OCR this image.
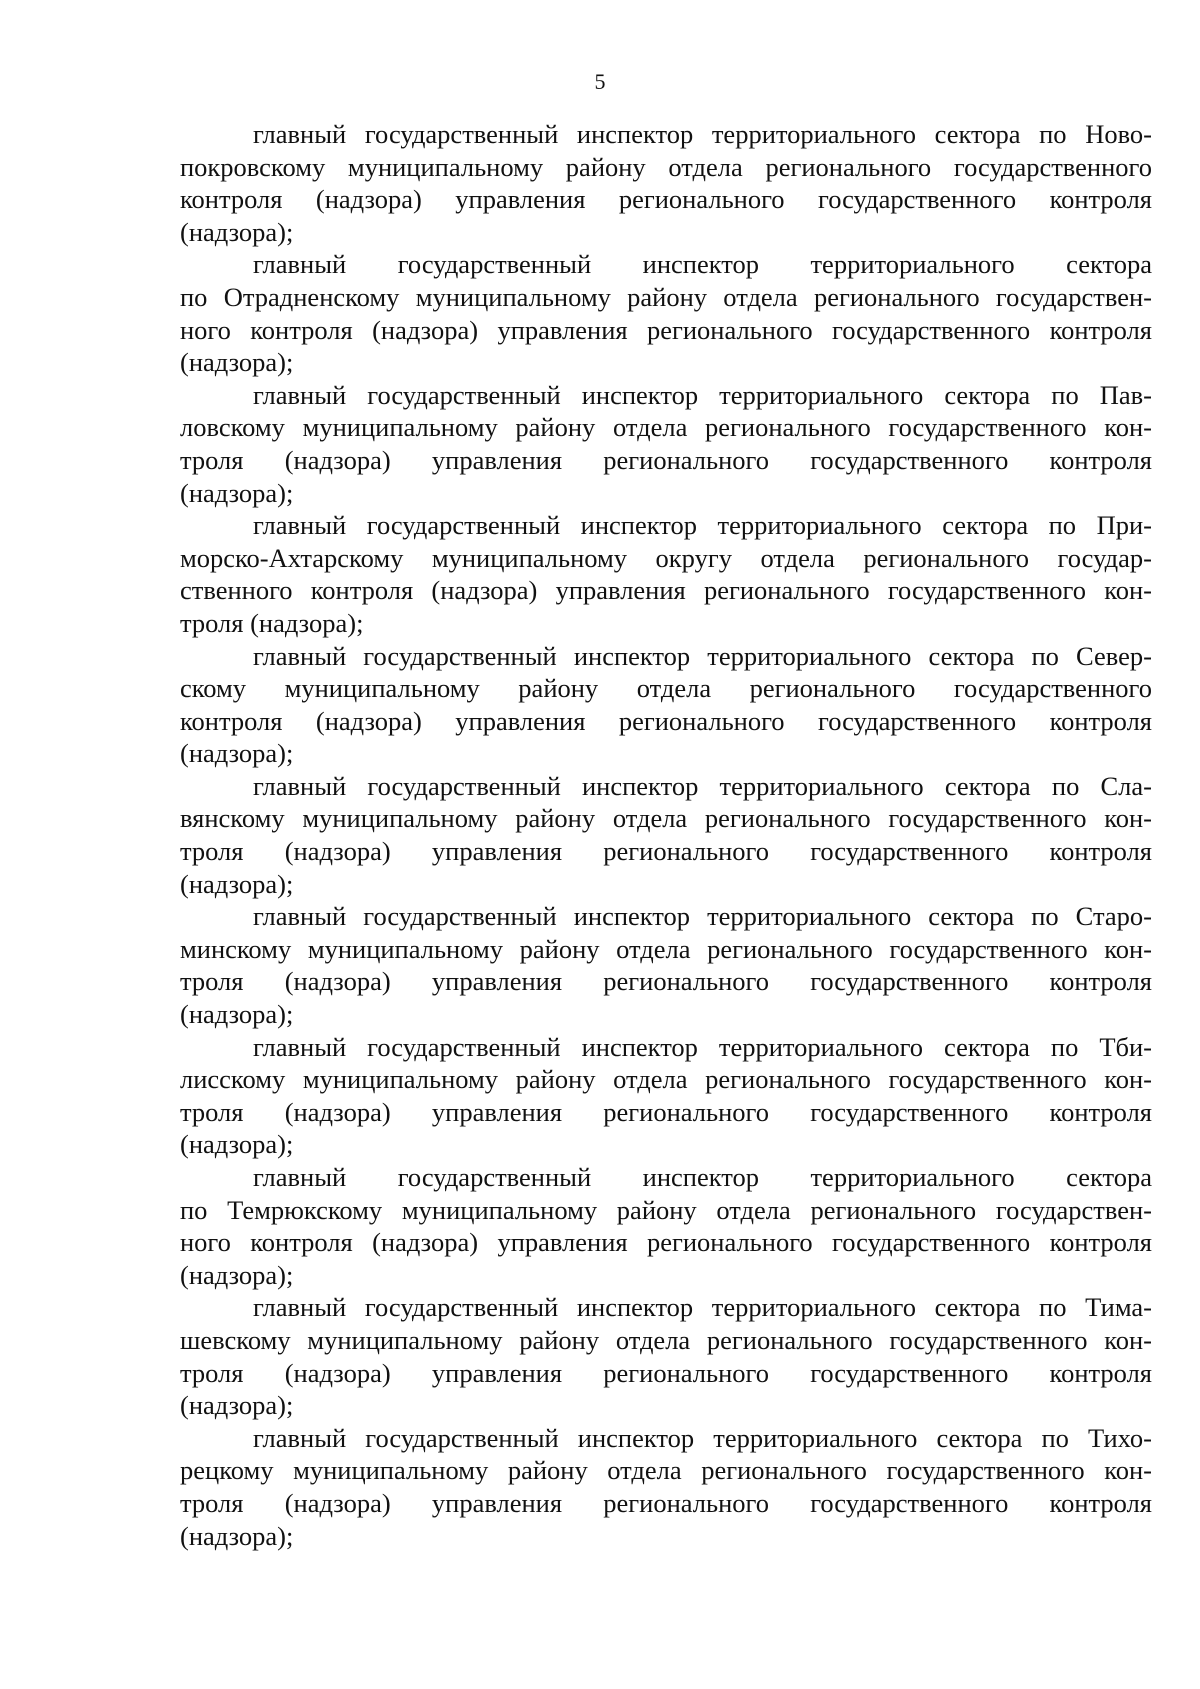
5
главный государственный инспектор территориального сектора по Ново-
покровскому муниципальному району отдела регионального государственного
контроля (надзора) управления регионального государственного контроля
(надзора);
главный государственный инспектор территориального сектора
по Отрадненскому муниципальному району отдела регионального государствен-
ного контроля (надзора) управления регионального государственного контроля
(надзора);
главный государственный инспектор территориального сектора по Пав-
ловскому муниципальному району отдела регионального государственного кон-
троля (надзора) управления регионального государственного контроля
(надзора);
главный государственный инспектор территориального сектора по При-
морско-Ахтарскому муниципальному округу отдела регионального государ-
ственного контроля (надзора) управления регионального государственного кон-
троля (надзора);
главный государственный инспектор территориального сектора по Север-
скому муниципальному району отдела регионального государственного
контроля (надзора) управления регионального государственного контроля
(надзора);
главный государственный инспектор территориального сектора по Сла-
вянскому муниципальному району отдела регионального государственного кон-
троля (надзора) управления регионального государственного контроля
(надзора);
главный государственный инспектор территориального сектора по Старо-
минскому муниципальному району отдела регионального государственного кон-
троля (надзора) управления регионального государственного контроля
(надзора);
главный государственный инспектор территориального сектора по Тби-
лисскому муниципальному району отдела регионального государственного кон-
троля (надзора) управления регионального государственного контроля
(надзора);
главный государственный инспектор территориального сектора
по Темрюкскому муниципальному району отдела регионального государствен-
ного контроля (надзора) управления регионального государственного контроля
(надзора);
главный государственный инспектор территориального сектора по Тима-
шевскому муниципальному району отдела регионального государственного кон-
троля (надзора) управления регионального государственного контроля
(надзора);
главный государственный инспектор территориального сектора по Тихо-
рецкому муниципальному району отдела регионального государственного кон-
троля (надзора) управления регионального государственного контроля
(надзора);
